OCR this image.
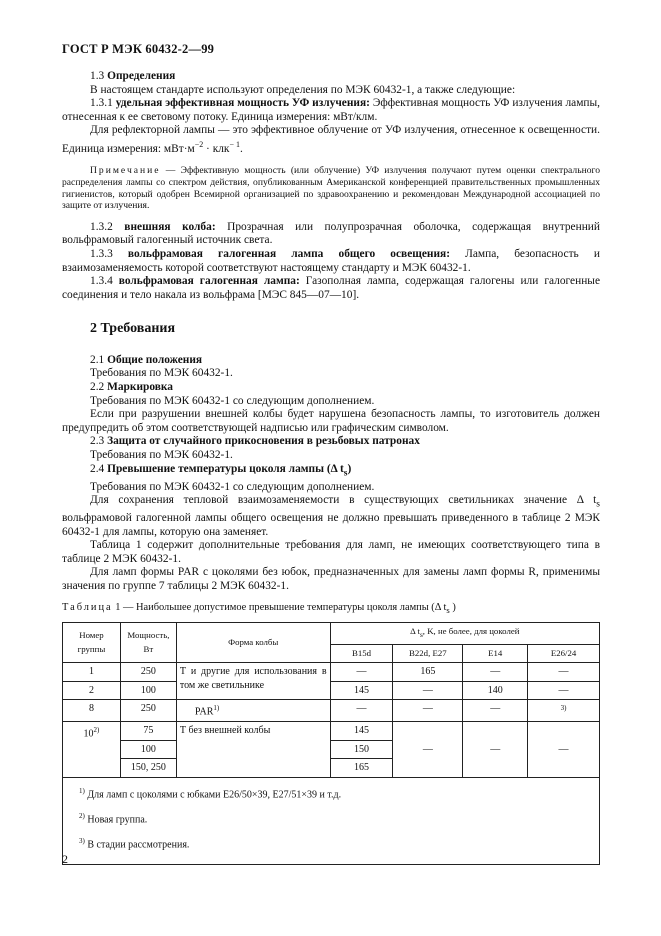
ГОСТ Р МЭК 60432-2—99

1.3 Определения

В настоящем стандарте используют определения по МЭК 60432-1, а также следующие:

1.3.1 удельная эффективная мощность УФ излучения: Эффективная мощность УФ излучения лампы, отнесенная к ее световому потоку. Единица измерения: мВт/клм.

Для рефлекторной лампы — это эффективное облучение от УФ излучения, отнесенное к освещенности. Единица измерения: $мВт\cdot м^{-2} \cdot клк^{- 1}$.

Примечание — Эффективную мощность (или облучение) УФ излучения получают путем оценки спектрального распределения лампы со спектром действия, опубликованным Американской конференцией правительственных промышленных гигиенистов, который одобрен Всемирной организацией по здравоохранению и рекомендован Международной ассоциацией по защите от излучения.

1.3.2 внешняя колба: Прозрачная или полупрозрачная оболочка, содержащая внутренний вольфрамовый галогенный источник света.

1.3.3 вольфрамовая галогенная лампа общего освещения: Лампа, безопасность и взаимозаменяемость которой соответствуют настоящему стандарту и МЭК 60432-1.

1.3.4 вольфрамовая галогенная лампа: Газополная лампа, содержащая галогены или галогенные соединения и тело накала из вольфрама [МЭС 845—07—10].

2 Требования

2.1 Общие положения

Требования по МЭК 60432-1.

2.2 Маркировка

Требования по МЭК 60432-1 со следующим дополнением.

Если при разрушении внешней колбы будет нарушена безопасность лампы, то изготовитель должен предупредить об этом соответствующей надписью или графическим символом.

2.3 Защита от случайного прикосновения в резьбовых патронах

Требования по МЭК 60432-1.

2.4 Превышение температуры цоколя лампы (Δ $t_s$)

Требования по МЭК 60432-1 со следующим дополнением.

Для сохранения тепловой взаимозаменяемости в существующих светильниках значение Δ $t_s$ вольфрамовой галогенной лампы общего освещения не должно превышать приведенного в таблице 2 МЭК 60432-1 для лампы, которую она заменяет.

Таблица 1 содержит дополнительные требования для ламп, не имеющих соответствующего типа в таблице 2 МЭК 60432-1.

Для ламп формы PAR с цоколями без юбок, предназначенных для замены ламп формы R, применимы значения по группе 7 таблицы 2 МЭК 60432-1.

Таблица 1 — Наибольшее допустимое превышение температуры цоколя лампы (Δ $t_s$ )

Номер группы	Мощность, Вт	Форма колбы	Δ $t_s$, K, не более, для цоколей			
			B15d	B22d, E27	E14	E26/24
1	250	Т и другие для использования в том же светильнике	—	165	—	—
2	100		145	—	140	—
8	250	PAR$^{1)}$	—	—	—	$^{3)}$
10$^{2)}$	75	Т без внешней колбы	145	—	—	—
	100		150			
	150, 250		165			

$^{1)}$ Для ламп с цоколями с юбками E26/50×39, E27/51×39 и т.д.
$^{2)}$ Новая группа.
$^{3)}$ В стадии рассмотрения.						
2
